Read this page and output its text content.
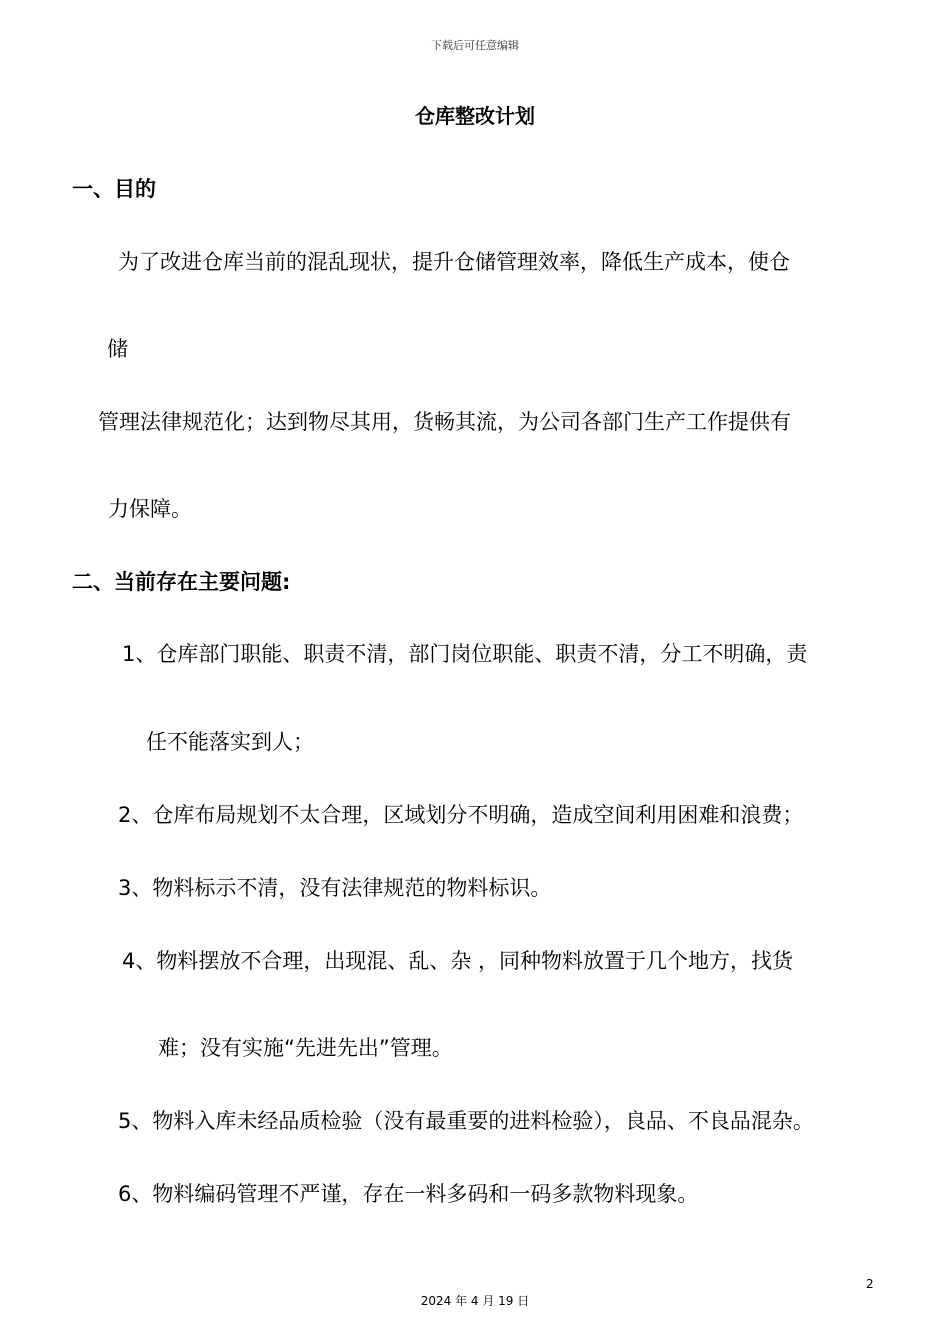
下载后可任意编辑
仓库整改计划
一、目的
为了改进仓库当前的混乱现状，提升仓储管理效率，降低生产成本，使仓
储
管理法律规范化；达到物尽其用，货畅其流，为公司各部门生产工作提供有
力保障。
二、当前存在主要问题:
1、仓库部门职能、职责不清，部门岗位职能、职责不清，分工不明确，责
任不能落实到人；
2、仓库布局规划不太合理，区域划分不明确，造成空间利用困难和浪费；
3、物料标示不清，没有法律规范的物料标识。
4、物料摆放不合理，出现混、乱、杂 ，同种物料放置于几个地方，找货
难；没有实施“先进先出”管理。
5、物料入库未经品质检验（没有最重要的进料检验），良品、不良品混杂。
6、物料编码管理不严谨，存在一料多码和一码多款物料现象。
2
2024 年 4 月 19 日
